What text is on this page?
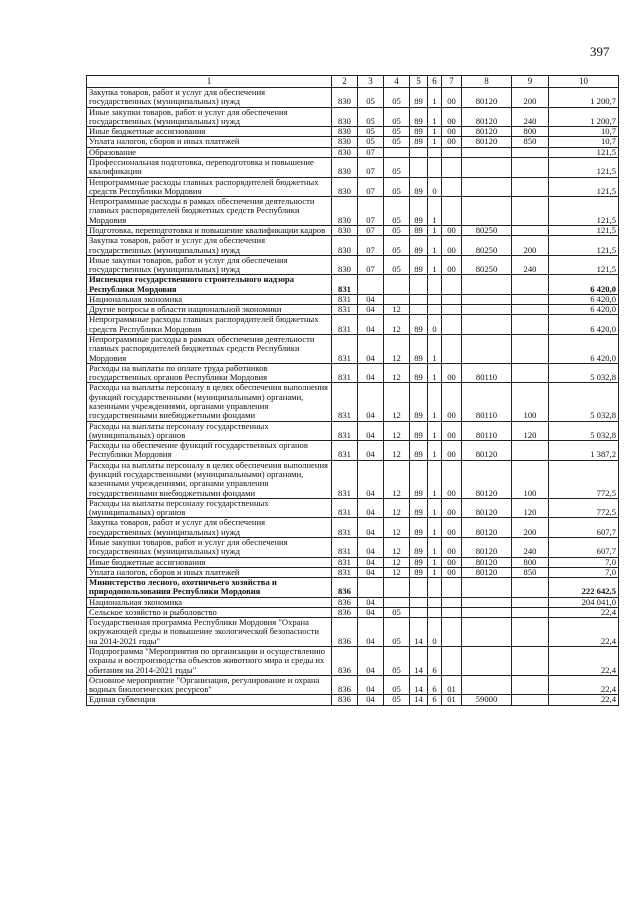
397
1	2	3	4	5	6	7	8	9	10
Закупка товаров, работ и услуг для обеспечения государственных (муниципальных) нужд	830	05	05	89	1	00	80120	200	1 200,7
Иные закупки товаров, работ и услуг для обеспечения государственных (муниципальных) нужд	830	05	05	89	1	00	80120	240	1 200,7
Иные бюджетные ассигнования	830	05	05	89	1	00	80120	800	10,7
Уплата налогов, сборов и иных платежей	830	05	05	89	1	00	80120	850	10,7
Образование	830	07							121,5
Профессиональная подготовка, переподготовка и повышение квалификации	830	07	05						121,5
Непрограммные расходы главных распорядителей бюджетных средств Республики Мордовия	830	07	05	89	0				121,5
Непрограммные расходы в рамках обеспечения деятельности главных распорядителей бюджетных средств Республики Мордовия	830	07	05	89	1				121,5
Подготовка, переподготовка и повышение квалификации кадров	830	07	05	89	1	00	80250		121,5
Закупка товаров, работ и услуг для обеспечения государственных (муниципальных) нужд	830	07	05	89	1	00	80250	200	121,5
Иные закупки товаров, работ и услуг для обеспечения государственных (муниципальных) нужд	830	07	05	89	1	00	80250	240	121,5
Инспекция государственного строительного надзора Республики Мордовия	831								6 420,0
Национальная экономика	831	04							6 420,0
Другие вопросы в области национальной экономики	831	04	12						6 420,0
Непрограммные расходы главных распорядителей бюджетных средств Республики Мордовия	831	04	12	89	0				6 420,0
Непрограммные расходы в рамках обеспечения деятельности главных распорядителей бюджетных средств Республики Мордовия	831	04	12	89	1				6 420,0
Расходы на выплаты по оплате труда работников государственных органов Республики Мордовия	831	04	12	89	1	00	80110		5 032,8
Расходы на выплаты персоналу в целях обеспечения выполнения функций государственными (муниципальными) органами, казенными учреждениями, органами управления государственными внебюджетными фондами	831	04	12	89	1	00	80110	100	5 032,8
Расходы на выплаты персоналу государственных (муниципальных) органов	831	04	12	89	1	00	80110	120	5 032,8
Расходы на обеспечение функций государственных органов Республики Мордовия	831	04	12	89	1	00	80120		1 387,2
Расходы на выплаты персоналу в целях обеспечения выполнения функций государственными (муниципальными) органами, казенными учреждениями, органами управления государственными внебюджетными фондами	831	04	12	89	1	00	80120	100	772,5
Расходы на выплаты персоналу государственных (муниципальных) органов	831	04	12	89	1	00	80120	120	772,5
Закупка товаров, работ и услуг для обеспечения государственных (муниципальных) нужд	831	04	12	89	1	00	80120	200	607,7
Иные закупки товаров, работ и услуг для обеспечения государственных (муниципальных) нужд	831	04	12	89	1	00	80120	240	607,7
Иные бюджетные ассигнования	831	04	12	89	1	00	80120	800	7,0
Уплата налогов, сборов и иных платежей	831	04	12	89	1	00	80120	850	7,0
Министерство лесного, охотничьего хозяйства и природопользования Республики Мордовия	836								222 642,5
Национальная экономика	836	04							204 041,0
Сельское хозяйство и рыболовство	836	04	05						22,4
Государственная программа Республики Мордовия "Охрана окружающей среды и повышение экологической безопасности на 2014-2021 годы"	836	04	05	14	0				22,4
Подпрограмма "Мероприятия по организации и осуществлению охраны и воспроизводства объектов животного мира и среды их обитания на 2014-2021 годы"	836	04	05	14	6				22,4
Основное мероприятие "Организация, регулирование и охрана водных биологических ресурсов"	836	04	05	14	6	01			22,4
Единая субвенция	836	04	05	14	6	01	59000		22,4
